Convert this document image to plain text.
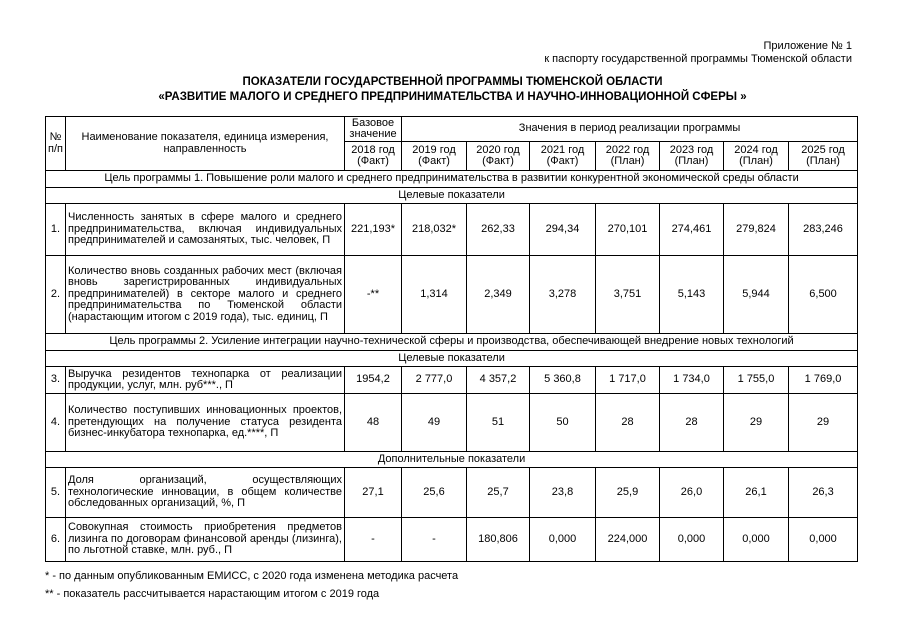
Приложение № 1
к паспорту государственной программы Тюменской области
ПОКАЗАТЕЛИ ГОСУДАРСТВЕННОЙ ПРОГРАММЫ ТЮМЕНСКОЙ ОБЛАСТИ
«РАЗВИТИЕ МАЛОГО И СРЕДНЕГО ПРЕДПРИНИМАТЕЛЬСТВА И НАУЧНО-ИННОВАЦИОННОЙ СФЕРЫ »
№ п/п	Наименование показателя, единица измерения, направленность	Базовое значение	Значения в период реализации программы						
		2018 год (Факт)	2019 год (Факт)	2020 год (Факт)	2021 год (Факт)	2022 год (План)	2023 год (План)	2024 год (План)	2025 год (План)
Цель программы 1. Повышение роли малого и среднего предпринимательства в развитии конкурентной экономической среды области									
Целевые показатели									
1.	Численность занятых в сфере малого и среднего предпринимательства, включая индивидуальных предпринимателей и самозанятых, тыс. человек, П	221,193*	218,032*	262,33	294,34	270,101	274,461	279,824	283,246
2.	Количество вновь созданных рабочих мест (включая вновь зарегистрированных индивидуальных предпринимателей) в секторе малого и среднего предпринимательства по Тюменской области (нарастающим итогом с 2019 года), тыс. единиц, П	-**	1,314	2,349	3,278	3,751	5,143	5,944	6,500
Цель программы 2. Усиление интеграции научно-технической сферы и производства, обеспечивающей внедрение новых технологий									
Целевые показатели									
3.	Выручка резидентов технопарка от реализации продукции, услуг, млн. руб***., П	1954,2	2 777,0	4 357,2	5 360,8	1 717,0	1 734,0	1 755,0	1 769,0
4.	Количество поступивших инновационных проектов, претендующих на получение статуса резидента бизнес-инкубатора технопарка, ед.****, П	48	49	51	50	28	28	29	29
Дополнительные показатели									
5.	Доля организаций, осуществляющих технологические инновации, в общем количестве обследованных организаций, %, П	27,1	25,6	25,7	23,8	25,9	26,0	26,1	26,3
6.	Совокупная стоимость приобретения предметов лизинга по договорам финансовой аренды (лизинга), по льготной ставке, млн. руб., П	-	-	180,806	0,000	224,000	0,000	0,000	0,000
* - по данным опубликованным ЕМИСС, с 2020 года изменена методика расчета
** - показатель рассчитывается нарастающим итогом с 2019 года
